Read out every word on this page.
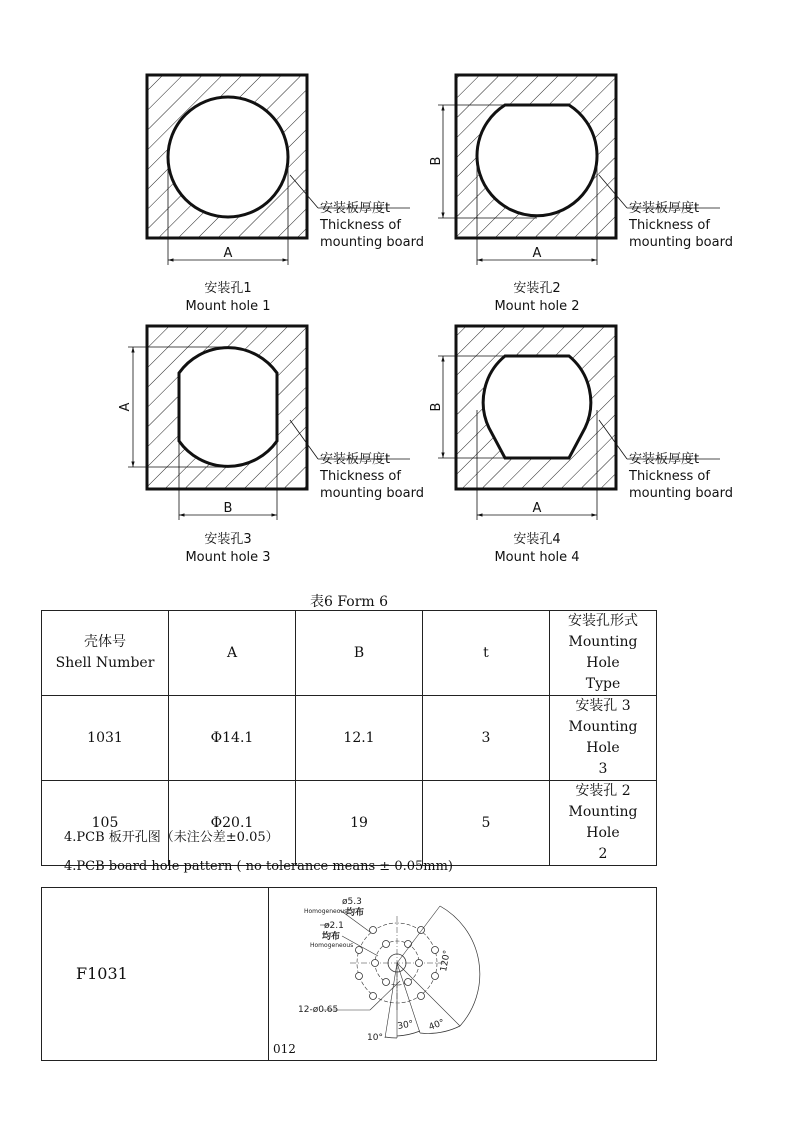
A
安装板厚度t
Thickness of
mounting board
B
A
安装板厚度t
Thickness of
mounting board
A
B
安装板厚度t
Thickness of
mounting board
B
A
安装板厚度t
Thickness of
mounting board
安装孔1
Mount hole 1
安装孔2
Mount hole 2
安装孔3
Mount hole 3
安装孔4
Mount hole 4
表6 Form 6
壳体号
Shell Number	A	B	t	安装孔形式
Mounting Hole
Type
1031	Φ14.1	12.1	3	安装孔 3
Mounting Hole
3
105	Φ20.1	19	5	安装孔 2
Mounting Hole
2
4.PCB 板开孔图（未注公差±0.05）
4.PCB board hole pattern ( no tolerance means ± 0.05mm)
F1031
012
ø5.3
Homogeneous
均布
ø2.1
均布
Homogeneous
12-ø0.65
120°
40°
30°
10°
